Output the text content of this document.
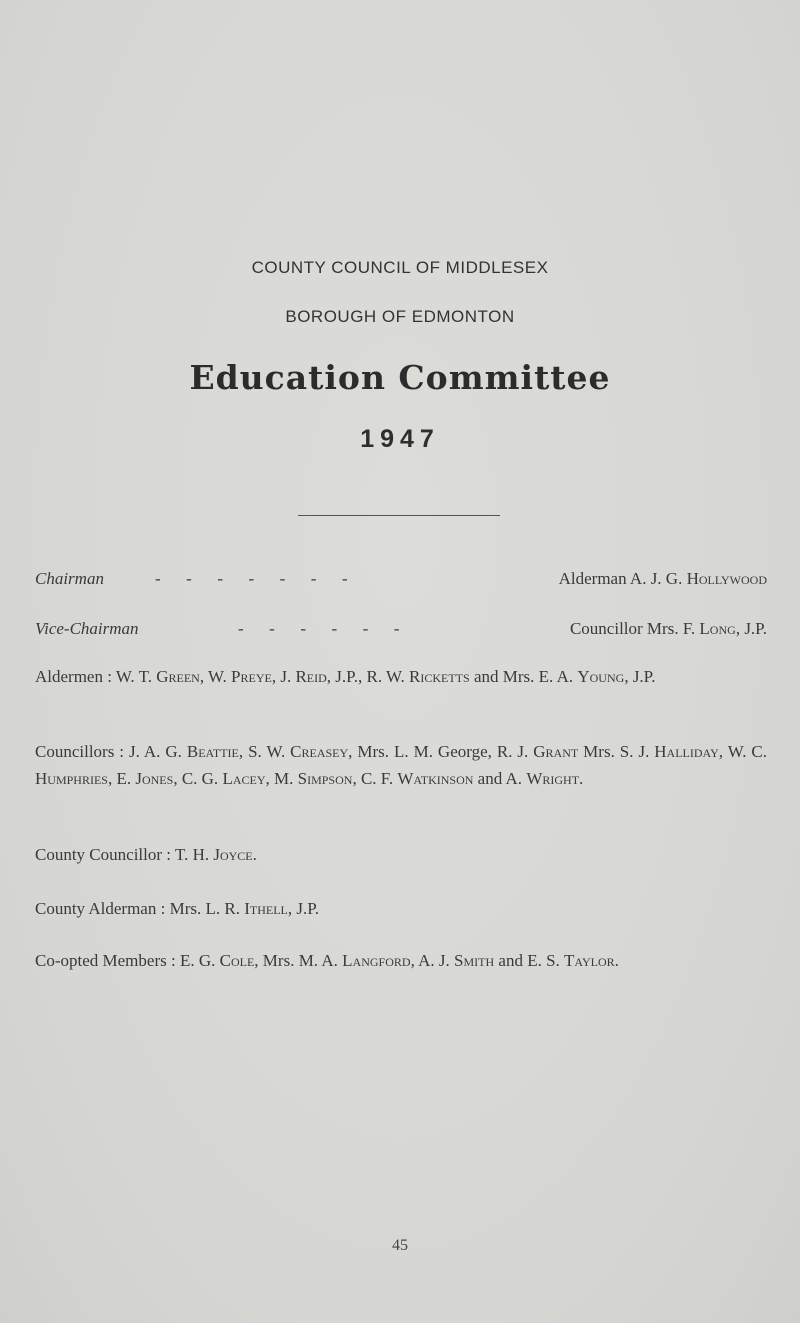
COUNTY COUNCIL OF MIDDLESEX
BOROUGH OF EDMONTON
Education Committee
1947
Chairman	-      -      -      -      -      -      -	Alderman A. J. G. Hollywood
Vice-Chairman	-      -      -      -      -      -	Councillor Mrs. F. Long, J.P.
Aldermen : W. T. Green, W. Preye, J. Reid, J.P., R. W. Ricketts and Mrs. E. A. Young, J.P.
Councillors : J. A. G. Beattie, S. W. Creasey, Mrs. L. M. George, R. J. Grant Mrs. S. J. Halliday, W. C. Humphries, E. Jones, C. G. Lacey, M. Simpson, C. F. Watkinson and A. Wright.
County Councillor : T. H. Joyce.
County Alderman : Mrs. L. R. Ithell, J.P.
Co-opted Members : E. G. Cole, Mrs. M. A. Langford, A. J. Smith and E. S. Taylor.
45
